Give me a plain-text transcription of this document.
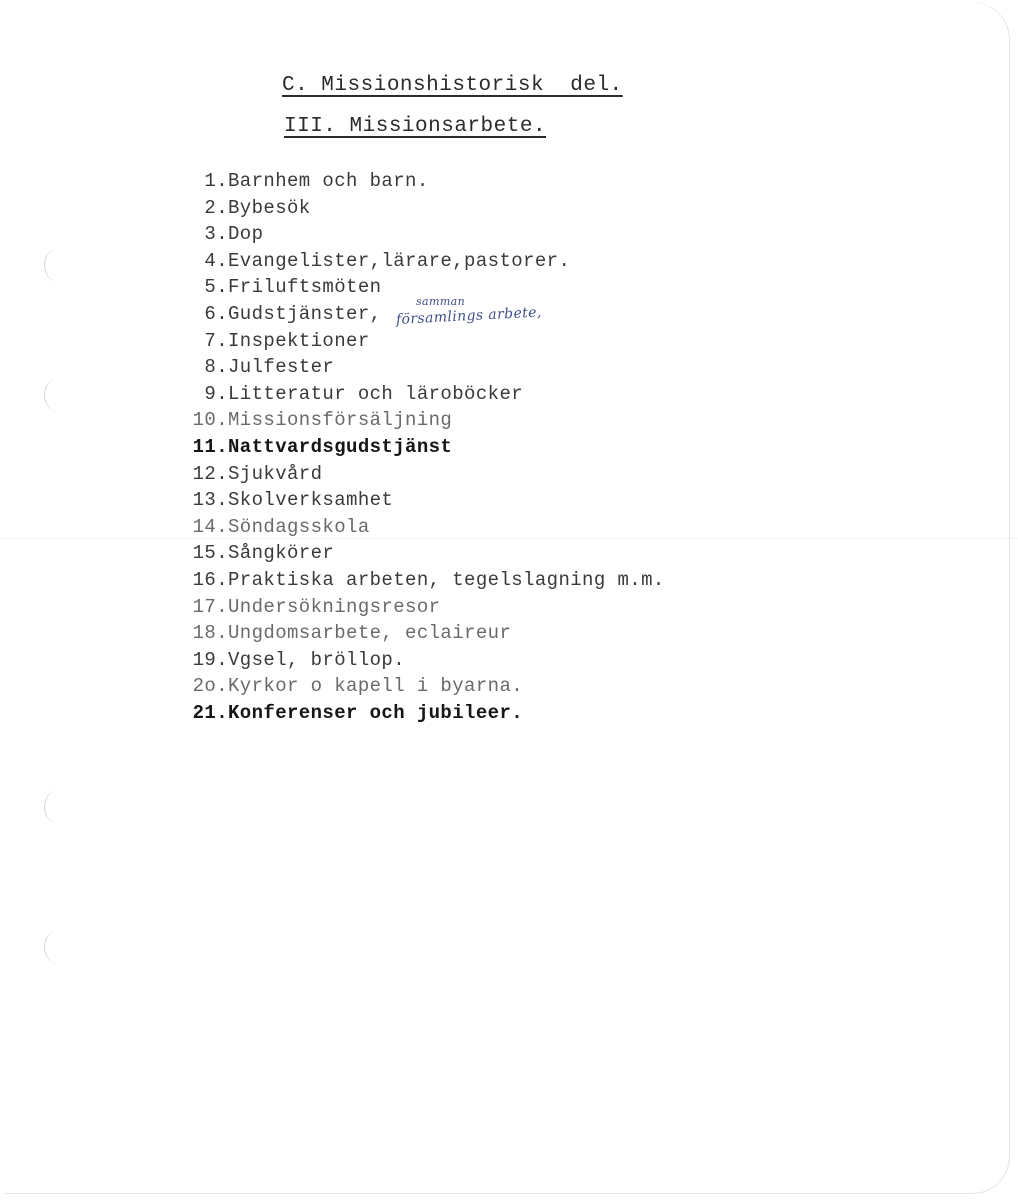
C. Missionshistorisk  del.
III. Missionsarbete.
1. Barnhem och barn.
2. Bybesök
3. Dop
4. Evangelister,lärare,pastorer.
5. Friluftsmöten
6. Gudstjänster,
samman
församlings arbete,
7. Inspektioner
8. Julfester
9. Litteratur och läroböcker
10. Missionsförsäljning
11. Nattvardsgudstjänst
12. Sjukvård
13. Skolverksamhet
14. Söndagsskola
15. Sångkörer
16. Praktiska arbeten, tegelslagning m.m.
17. Undersökningsresor
18. Ungdomsarbete, eclaireur
19. Vgsel, bröllop.
2o. Kyrkor o kapell i byarna.
21. Konferenser och jubileer.
